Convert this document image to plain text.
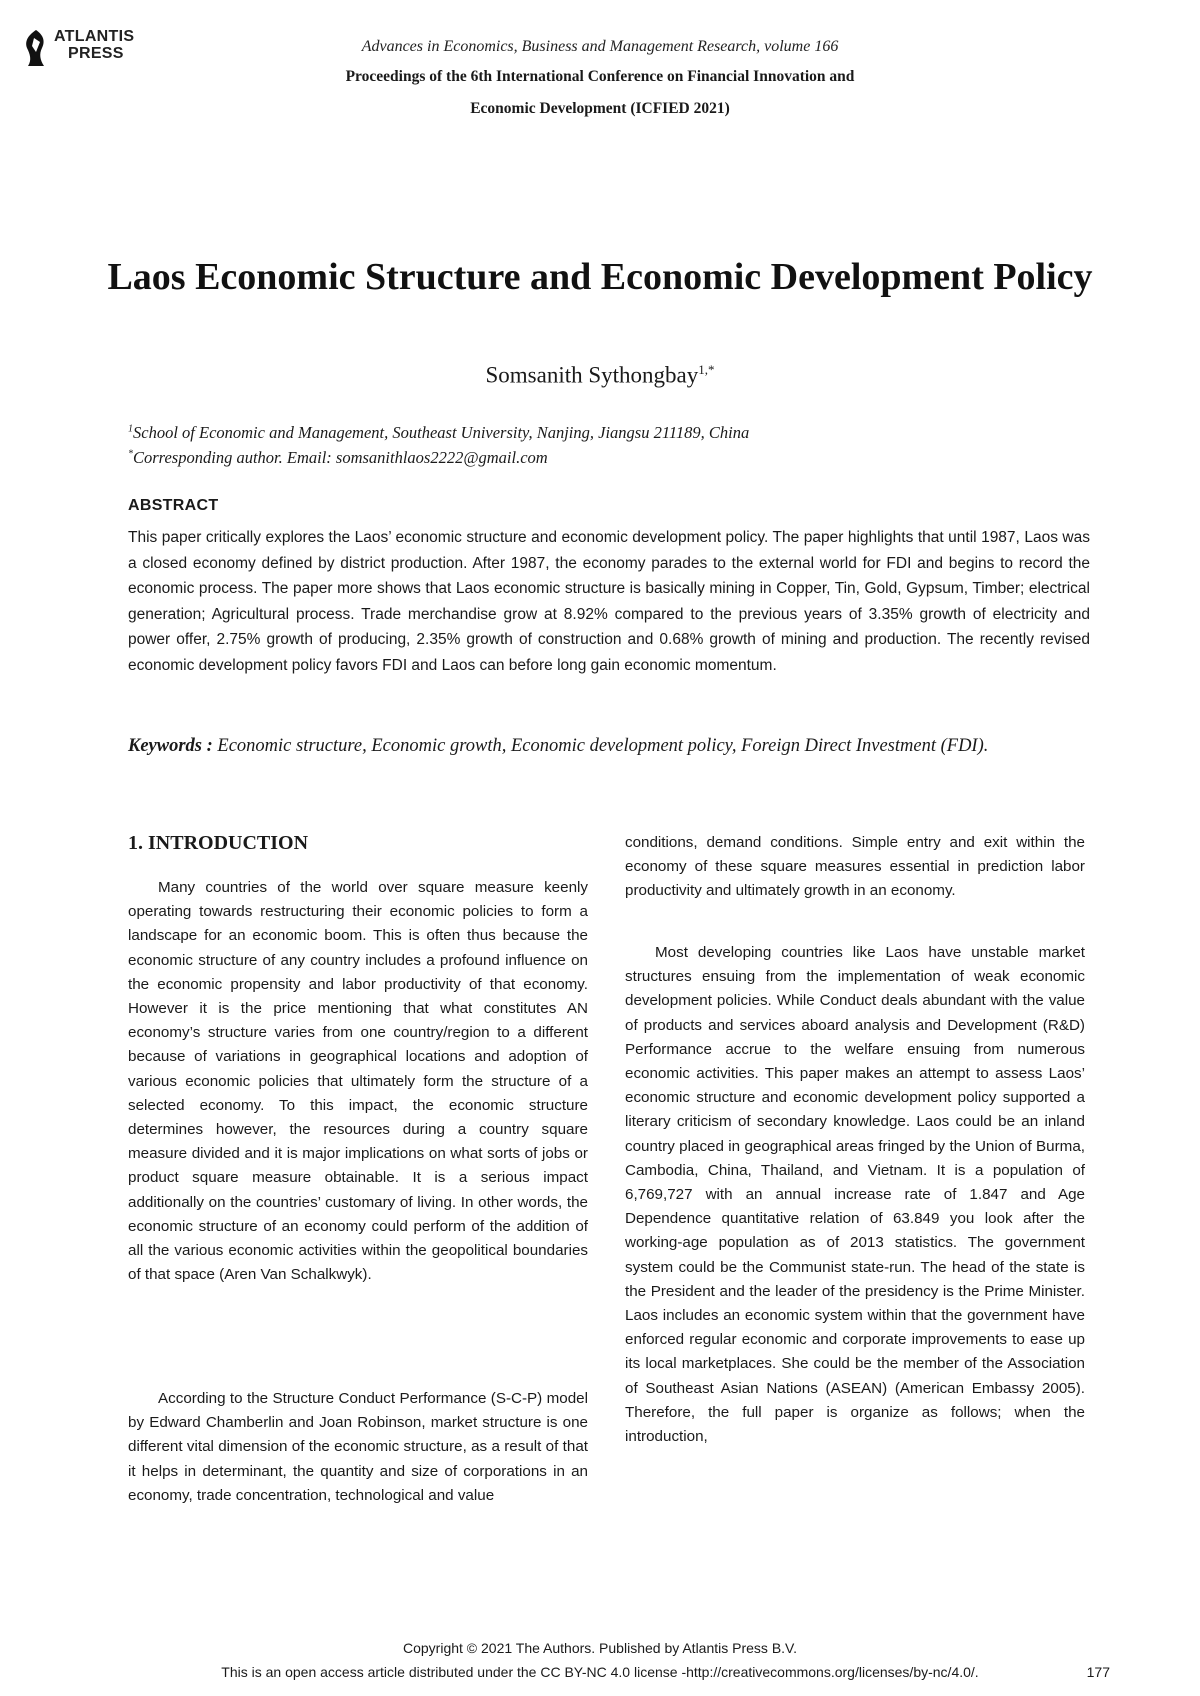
ATLANTIS
PRESS	Advances in Economics, Business and Management Research, volume 166
Proceedings of the 6th International Conference on Financial Innovation and
Economic Development (ICFIED 2021)
Laos Economic Structure and Economic Development Policy
Somsanith Sythongbay$^{1,*}$
$^1$School of Economic and Management, Southeast University, Nanjing, Jiangsu 211189, China
*Corresponding author. Email: somsanithlaos2222@gmail.com
ABSTRACT
This paper critically explores the Laos’ economic structure and economic development policy. The paper highlights that until 1987, Laos was a closed economy defined by district production. After 1987, the economy parades to the external world for FDI and begins to record the economic process. The paper more shows that Laos economic structure is basically mining in Copper, Tin, Gold, Gypsum, Timber; electrical generation; Agricultural process. Trade merchandise grow at 8.92% compared to the previous years of 3.35% growth of electricity and power offer, 2.75% growth of producing, 2.35% growth of construction and 0.68% growth of mining and production. The recently revised economic development policy favors FDI and Laos can before long gain economic momentum.
Keywords : Economic structure, Economic growth, Economic development policy, Foreign Direct Investment (FDI).
1. INTRODUCTION

Many countries of the world over square measure keenly operating towards restructuring their economic policies to form a landscape for an economic boom. This is often thus because the economic structure of any country includes a profound influence on the economic propensity and labor productivity of that economy. However it is the price mentioning that what constitutes AN economy’s structure varies from one country/region to a different because of variations in geographical locations and adoption of various economic policies that ultimately form the structure of a selected economy. To this impact, the economic structure determines however, the resources during a country square measure divided and it is major implications on what sorts of jobs or product square measure obtainable. It is a serious impact additionally on the countries’ customary of living. In other words, the economic structure of an economy could perform of the addition of all the various economic activities within the geopolitical boundaries of that space (Aren Van Schalkwyk).

According to the Structure Conduct Performance (S-C-P) model by Edward Chamberlin and Joan Robinson, market structure is one different vital dimension of the economic structure, as a result of that it helps in determinant, the quantity and size of corporations in an economy, trade concentration, technological and value

conditions, demand conditions. Simple entry and exit within the economy of these square measures essential in prediction labor productivity and ultimately growth in an economy.

Most developing countries like Laos have unstable market structures ensuing from the implementation of weak economic development policies. While Conduct deals abundant with the value of products and services aboard analysis and Development (R&D) Performance accrue to the welfare ensuing from numerous economic activities. This paper makes an attempt to assess Laos’ economic structure and economic development policy supported a literary criticism of secondary knowledge. Laos could be an inland country placed in geographical areas fringed by the Union of Burma, Cambodia, China, Thailand, and Vietnam. It is a population of 6,769,727 with an annual increase rate of 1.847 and Age Dependence quantitative relation of 63.849 you look after the working-age population as of 2013 statistics. The government system could be the Communist state-run. The head of the state is the President and the leader of the presidency is the Prime Minister. Laos includes an economic system within that the government have enforced regular economic and corporate improvements to ease up its local marketplaces. She could be the member of the Association of Southeast Asian Nations (ASEAN) (American Embassy 2005). Therefore, the full paper is organize as follows; when the introduction,

Copyright © 2021 The Authors. Published by Atlantis Press B.V.
This is an open access article distributed under the CC BY-NC 4.0 license -http://creativecommons.org/licenses/by-nc/4.0/.	177
